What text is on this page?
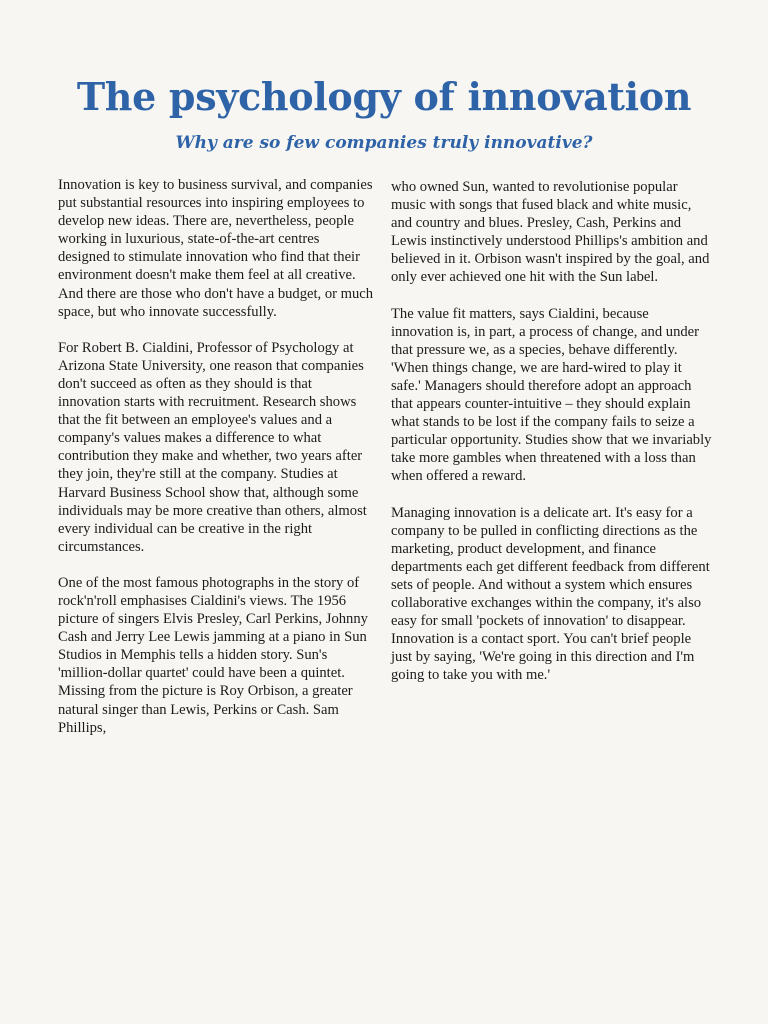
The psychology of innovation
Why are so few companies truly innovative?

Innovation is key to business survival, and companies put substantial resources into inspiring employees to develop new ideas. There are, nevertheless, people working in luxurious, state-of-the-art centres designed to stimulate innovation who find that their environment doesn't make them feel at all creative. And there are those who don't have a budget, or much space, but who innovate successfully.

For Robert B. Cialdini, Professor of Psychology at Arizona State University, one reason that companies don't succeed as often as they should is that innovation starts with recruitment. Research shows that the fit between an employee's values and a company's values makes a difference to what contribution they make and whether, two years after they join, they're still at the company. Studies at Harvard Business School show that, although some individuals may be more creative than others, almost every individual can be creative in the right circumstances.

One of the most famous photographs in the story of rock'n'roll emphasises Cialdini's views. The 1956 picture of singers Elvis Presley, Carl Perkins, Johnny Cash and Jerry Lee Lewis jamming at a piano in Sun Studios in Memphis tells a hidden story. Sun's 'million-dollar quartet' could have been a quintet. Missing from the picture is Roy Orbison, a greater natural singer than Lewis, Perkins or Cash. Sam Phillips,

who owned Sun, wanted to revolutionise popular music with songs that fused black and white music, and country and blues. Presley, Cash, Perkins and Lewis instinctively understood Phillips's ambition and believed in it. Orbison wasn't inspired by the goal, and only ever achieved one hit with the Sun label.

The value fit matters, says Cialdini, because innovation is, in part, a process of change, and under that pressure we, as a species, behave differently. 'When things change, we are hard-wired to play it safe.' Managers should therefore adopt an approach that appears counter-intuitive – they should explain what stands to be lost if the company fails to seize a particular opportunity. Studies show that we invariably take more gambles when threatened with a loss than when offered a reward.

Managing innovation is a delicate art. It's easy for a company to be pulled in conflicting directions as the marketing, product development, and finance departments each get different feedback from different sets of people. And without a system which ensures collaborative exchanges within the company, it's also easy for small 'pockets of innovation' to disappear. Innovation is a contact sport. You can't brief people just by saying, 'We're going in this direction and I'm going to take you with me.'
